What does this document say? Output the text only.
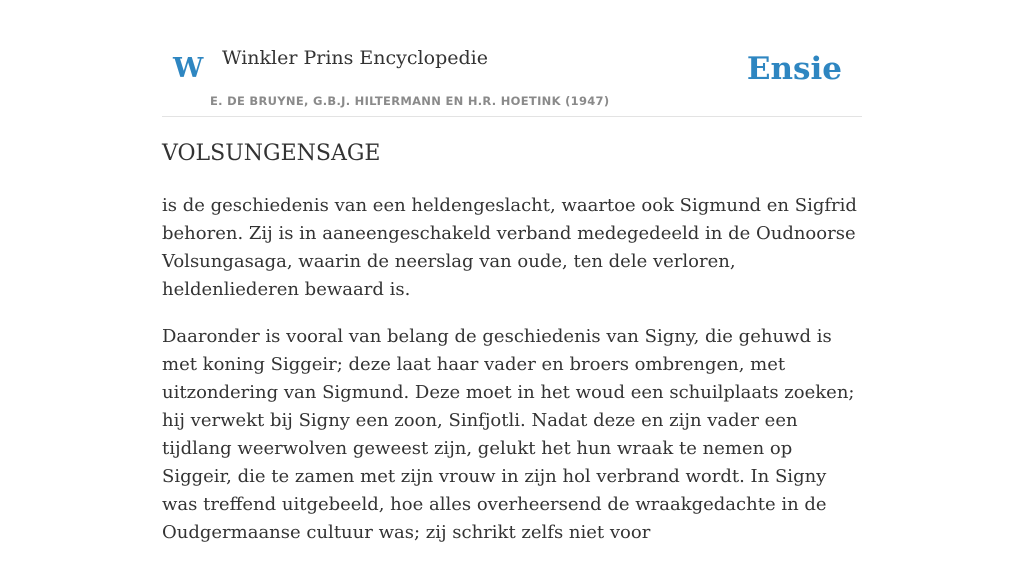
W Winkler Prins Encyclopedie
E. DE BRUYNE, G.B.J. HILTERMANN EN H.R. HOETINK (1947)
Ensie
VOLSUNGENSAGE

is de geschiedenis van een heldengeslacht, waartoe ook Sigmund en Sigfrid behoren. Zij is in aaneengeschakeld verband medegedeeld in de Oudnoorse Volsungasaga, waarin de neerslag van oude, ten dele verloren, heldenliederen bewaard is.

Daaronder is vooral van belang de geschiedenis van Signy, die gehuwd is met koning Siggeir; deze laat haar vader en broers ombrengen, met uitzondering van Sigmund. Deze moet in het woud een schuilplaats zoeken; hij verwekt bij Signy een zoon, Sinfjotli. Nadat deze en zijn vader een tijdlang weerwolven geweest zijn, gelukt het hun wraak te nemen op Siggeir, die te zamen met zijn vrouw in zijn hol verbrand wordt. In Signy was treffend uitgebeeld, hoe alles overheersend de wraakgedachte in de Oudgermaanse cultuur was; zij schrikt zelfs niet voor
